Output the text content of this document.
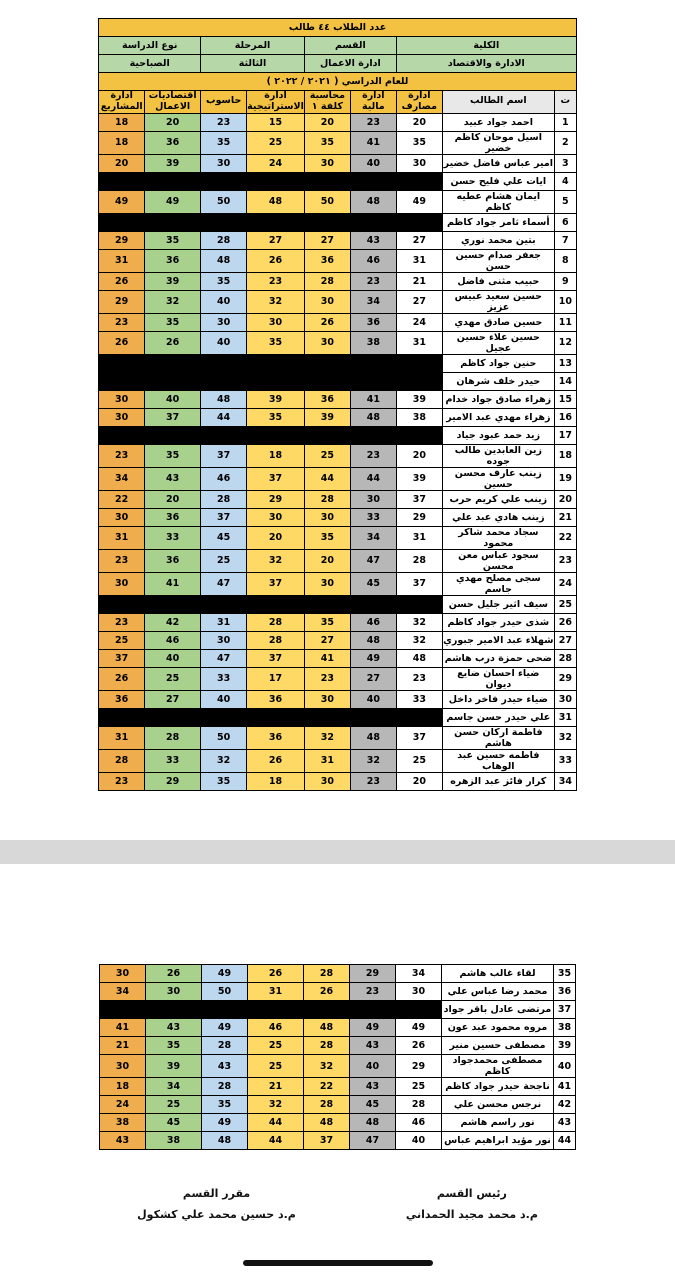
عدد الطلاب ٤٤ طالب								
الكلية			القسم		المرحلة		نوع الدراسة	
الادارة والاقتصاد			ادارة الاعمال		الثالثة		الصباحية	
للعام الدراسي ( ٢٠٢١ / ٢٠٢٢ )								
ت	اسم الطالب	ادارة مصارف	ادارة مالية	محاسبة كلفة ١	ادارة الاستراتيجية	حاسوب	اقتصاديات الاعمال	ادارة المشاريع
1	احمد جواد عبيد	20	23	20	15	23	20	18
2	اسيل موحان كاظم خضير	35	41	35	25	35	36	18
3	امير عباس فاضل خضير	30	40	30	24	30	39	20
4	ايات علي فليح حسن							
5	ايمان هشام عطيه كاظم	49	48	50	48	50	49	49
6	أسماء ثامر جواد كاظم							
7	بتين محمد نوري	27	43	27	27	28	35	29
8	جعفر صدام حسين حسن	31	46	36	26	48	36	31
9	حبيب مثنى فاضل	21	23	28	23	35	39	26
10	حسين سعيد عبيس عزيز	27	34	30	32	40	32	29
11	حسين صادق مهدي	24	36	26	30	30	35	23
12	حسين علاء حسين عجيل	31	38	30	35	40	26	26
13	حنين جواد كاظم							
14	حيدر خلف شرهان							
15	زهراء صادق جواد خدام	39	41	36	39	48	40	30
16	زهراء مهدي عبد الامير	38	48	39	35	44	37	30
17	زيد حمد عبود جياد							
18	زين العابدين طالب جوده	20	23	25	18	37	35	23
19	زينب عارف محسن حسين	39	44	44	37	46	43	34
20	زينب علي كريم حرب	37	30	28	29	28	20	22
21	زينب هادي عبد علي	29	33	30	30	37	36	30
22	سجاد محمد شاكر محمود	31	34	35	20	45	33	31
23	سجود عباس معن محسن	28	47	20	32	25	36	23
24	سجى مصلح مهدي جاسم	37	45	30	37	47	41	30
25	سيف اثير جليل حسن							
26	شذى حيدر جواد كاظم	32	46	35	28	31	42	23
27	شهلاء عبد الامير جبوري	32	48	27	28	30	46	25
28	ضحى حمزة درب هاشم	48	49	41	37	47	40	37
29	ضياء احسان ضايع ديوان	23	27	23	17	33	25	26
30	ضياء حيدر فاخر داخل	33	40	30	36	40	27	36
31	علي حيدر حسن جاسم							
32	فاطمة اركان حسن هاشم	37	48	32	36	50	28	31
33	فاطمه حسين عبد الوهاب	25	32	31	26	32	33	28
34	كرار فائز عبد الزهره	20	23	30	18	35	29	23
35	لقاء غالب هاشم	34	29	28	26	49	26	30
36	محمد رضا عباس علي	30	23	26	31	50	30	34
37	مرتضى عادل باقر جواد							
38	مروه محمود عبد عون	49	49	48	46	49	43	41
39	مصطفى حسين منير	26	43	28	25	28	35	21
40	مصطفى محمدجواد كاظم	29	40	32	25	43	39	30
41	ناجحة حيدر جواد كاظم	25	43	22	21	28	34	18
42	نرجس محسن علي	28	45	28	32	35	25	24
43	نور راسم هاشم	46	48	48	44	49	45	38
44	نور مؤيد ابراهيم عباس	40	47	37	44	48	38	43
رئيس القسم
م.د محمد مجيد الحمداني
مقرر القسم
م.د حسين محمد علي كشكول
